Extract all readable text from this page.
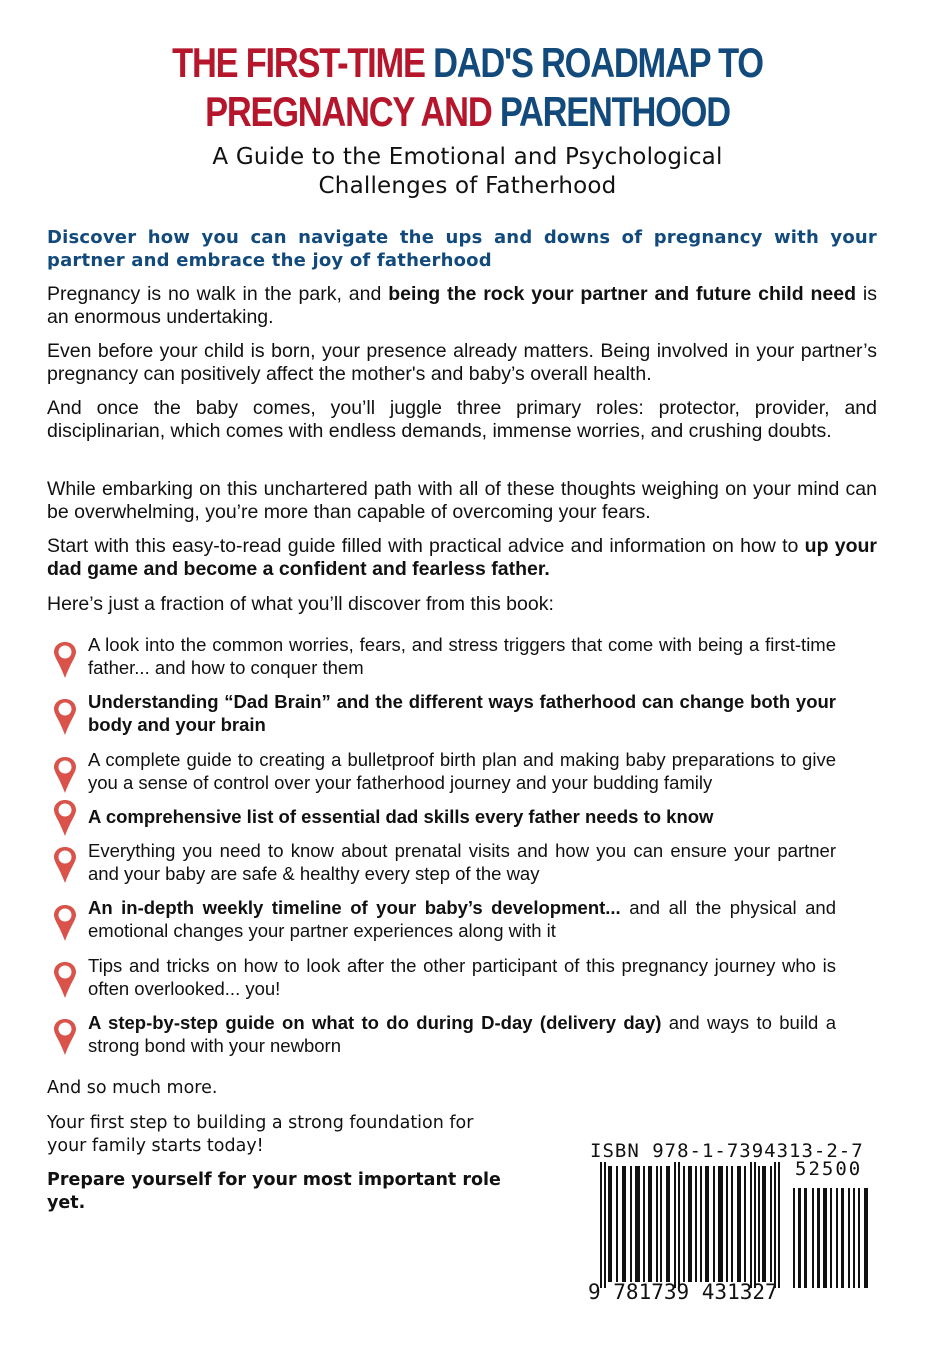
THE FIRST-TIME DAD'S ROADMAP TO
PREGNANCY AND PARENTHOOD
A Guide to the Emotional and Psychological
Challenges of Fatherhood
Discover how you can navigate the ups and downs of pregnancy with your partner and embrace the joy of fatherhood
Pregnancy is no walk in the park, and being the rock your partner and future child need is an enormous undertaking.
Even before your child is born, your presence already matters. Being involved in your partner’s pregnancy can positively affect the mother's and baby’s overall health.
And once the baby comes, you’ll juggle three primary roles: protector, provider, and disciplinarian, which comes with endless demands, immense worries, and crushing doubts.
While embarking on this unchartered path with all of these thoughts weighing on your mind can be overwhelming, you’re more than capable of overcoming your fears.
Start with this easy-to-read guide filled with practical advice and information on how to up your dad game and become a confident and fearless father.
Here’s just a fraction of what you’ll discover from this book:
A look into the common worries, fears, and stress triggers that come with being a first-time father... and how to conquer them
Understanding “Dad Brain” and the different ways fatherhood can change both your body and your brain
A complete guide to creating a bulletproof birth plan and making baby preparations to give you a sense of control over your fatherhood journey and your budding family
A comprehensive list of essential dad skills every father needs to know
Everything you need to know about prenatal visits and how you can ensure your partner and your baby are safe & healthy every step of the way
An in-depth weekly timeline of your baby’s development... and all the physical and emotional changes your partner experiences along with it
Tips and tricks on how to look after the other participant of this pregnancy journey who is often overlooked... you!
A step-by-step guide on what to do during D-day (delivery day) and ways to build a strong bond with your newborn
And so much more.
Your first step to building a strong foundation for your family starts today!
Prepare yourself for your most important role yet.
ISBN 978-1-7394313-2-7
52500
9 781739 431327
